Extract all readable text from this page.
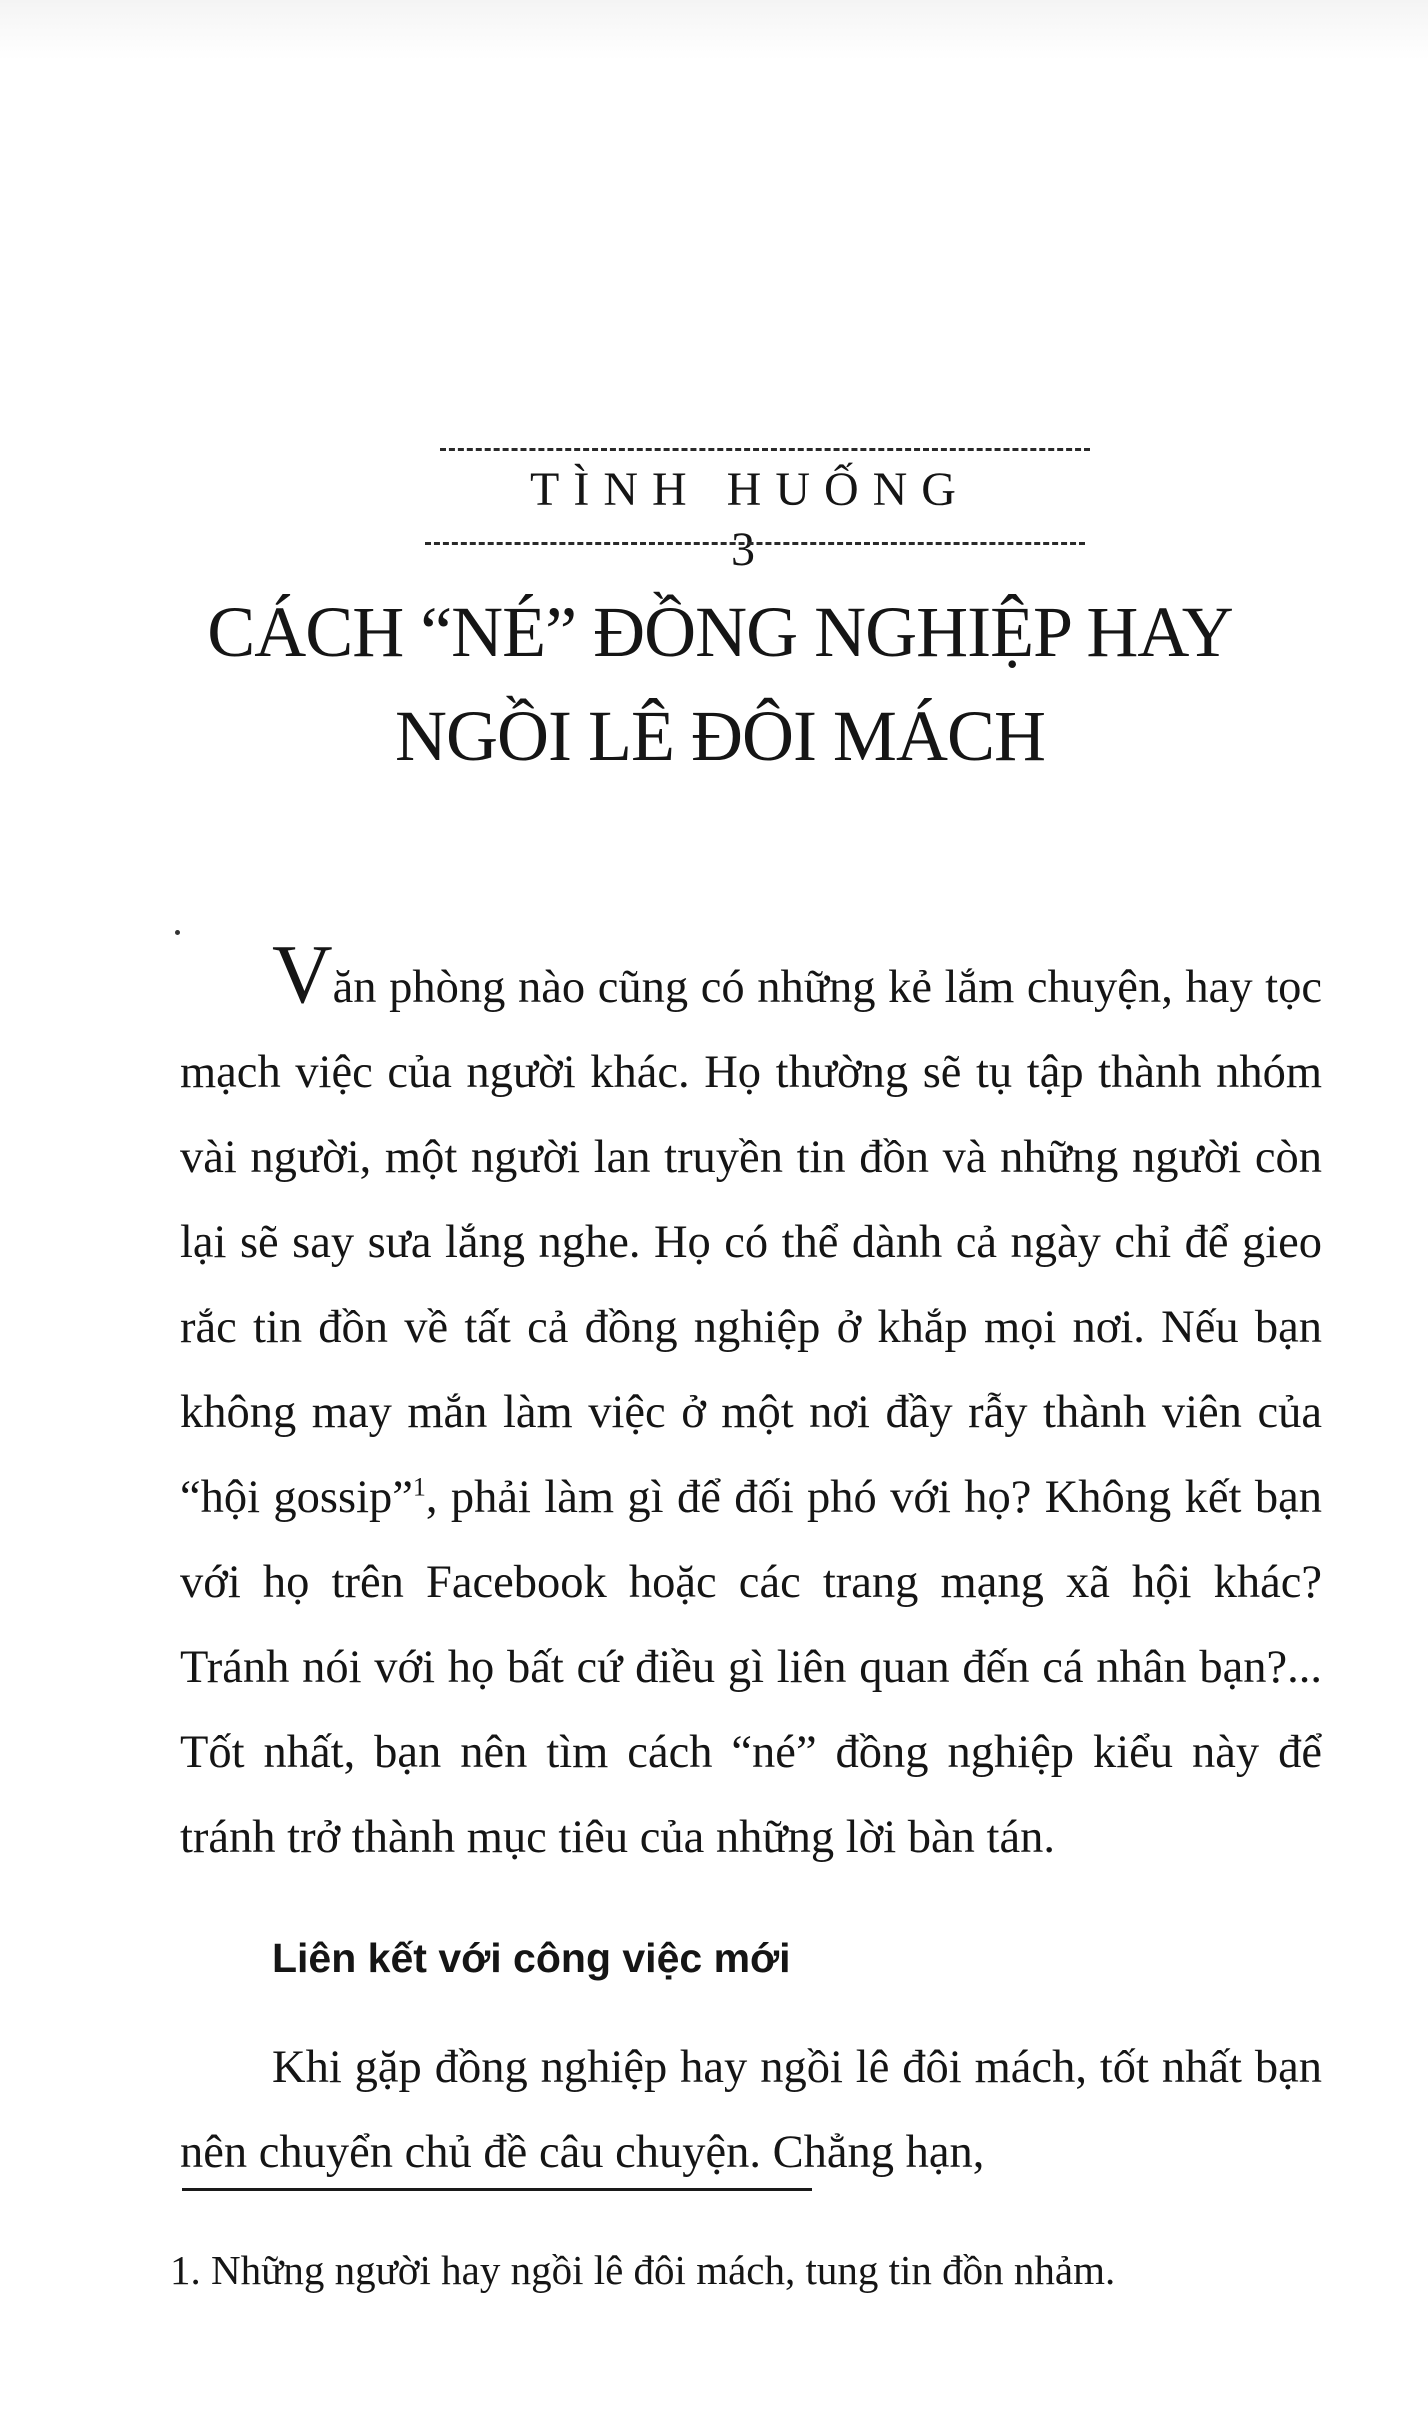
TÌNH HUỐNG 3

CÁCH “NÉ” ĐỒNG NGHIỆP HAY NGỒI LÊ ĐÔI MÁCH

Văn phòng nào cũng có những kẻ lắm chuyện, hay tọc mạch việc của người khác. Họ thường sẽ tụ tập thành nhóm vài người, một người lan truyền tin đồn và những người còn lại sẽ say sưa lắng nghe. Họ có thể dành cả ngày chỉ để gieo rắc tin đồn về tất cả đồng nghiệp ở khắp mọi nơi. Nếu bạn không may mắn làm việc ở một nơi đầy rẫy thành viên của “hội gossip”$^1$, phải làm gì để đối phó với họ? Không kết bạn với họ trên Facebook hoặc các trang mạng xã hội khác? Tránh nói với họ bất cứ điều gì liên quan đến cá nhân bạn?... Tốt nhất, bạn nên tìm cách “né” đồng nghiệp kiểu này để tránh trở thành mục tiêu của những lời bàn tán.

Liên kết với công việc mới

Khi gặp đồng nghiệp hay ngồi lê đôi mách, tốt nhất bạn nên chuyển chủ đề câu chuyện. Chẳng hạn,

1. Những người hay ngồi lê đôi mách, tung tin đồn nhảm.
